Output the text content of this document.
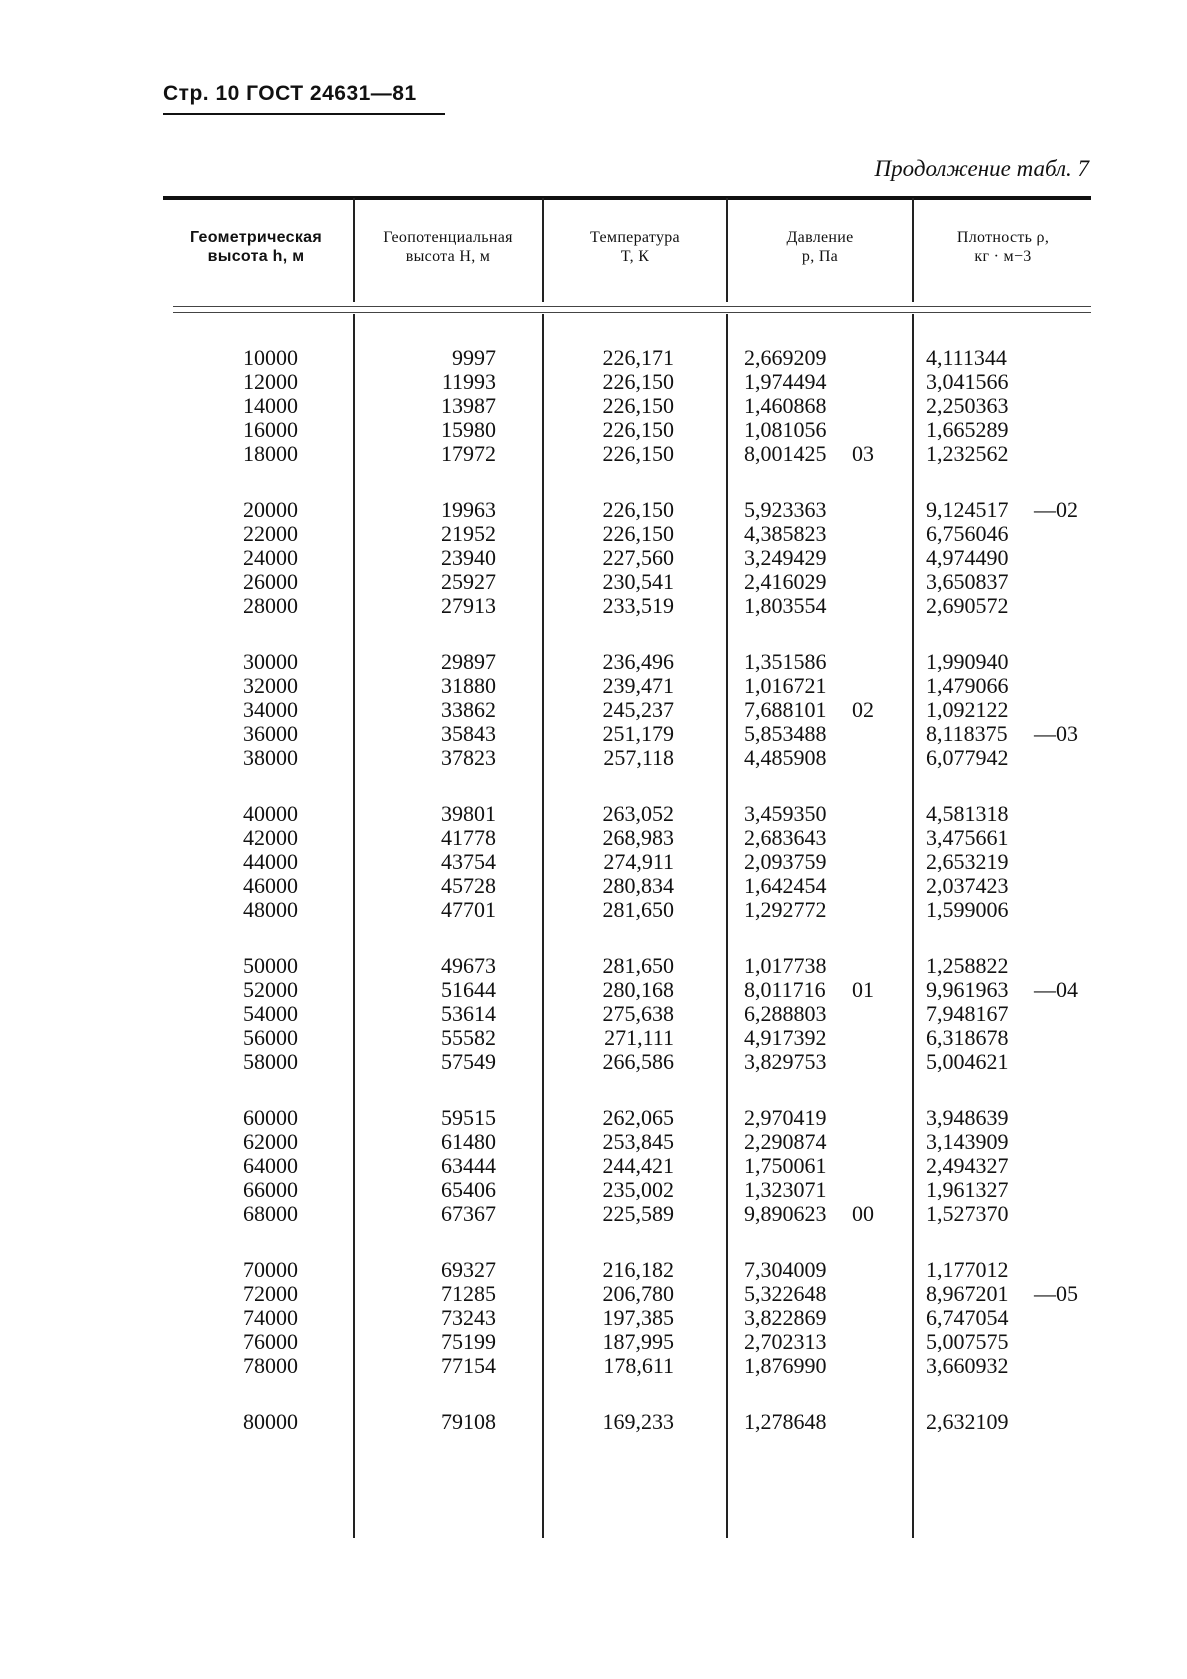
Стр. 10 ГОСТ 24631—81
Продолжение табл. 7
Геометрическая
высота h, м
Геопотенциальная
высота H, м
Температура
T, К
Давление
p, Па
Плотность ρ,
кг · м−3
10000	9997	226,171	2,669209	4,111344
12000	11993	226,150	1,974494	3,041566
14000	13987	226,150	1,460868	2,250363
16000	15980	226,150	1,081056	1,665289
18000	17972	226,150	8,001425	03	1,232562
20000	19963	226,150	5,923363	9,124517	—02
22000	21952	226,150	4,385823	6,756046
24000	23940	227,560	3,249429	4,974490
26000	25927	230,541	2,416029	3,650837
28000	27913	233,519	1,803554	2,690572
30000	29897	236,496	1,351586	1,990940
32000	31880	239,471	1,016721	1,479066
34000	33862	245,237	7,688101	02	1,092122
36000	35843	251,179	5,853488	8,118375	—03
38000	37823	257,118	4,485908	6,077942
40000	39801	263,052	3,459350	4,581318
42000	41778	268,983	2,683643	3,475661
44000	43754	274,911	2,093759	2,653219
46000	45728	280,834	1,642454	2,037423
48000	47701	281,650	1,292772	1,599006
50000	49673	281,650	1,017738	1,258822
52000	51644	280,168	8,011716	01	9,961963	—04
54000	53614	275,638	6,288803	7,948167
56000	55582	271,111	4,917392	6,318678
58000	57549	266,586	3,829753	5,004621
60000	59515	262,065	2,970419	3,948639
62000	61480	253,845	2,290874	3,143909
64000	63444	244,421	1,750061	2,494327
66000	65406	235,002	1,323071	1,961327
68000	67367	225,589	9,890623	00	1,527370
70000	69327	216,182	7,304009	1,177012
72000	71285	206,780	5,322648	8,967201	—05
74000	73243	197,385	3,822869	6,747054
76000	75199	187,995	2,702313	5,007575
78000	77154	178,611	1,876990	3,660932
80000	79108	169,233	1,278648	2,632109
